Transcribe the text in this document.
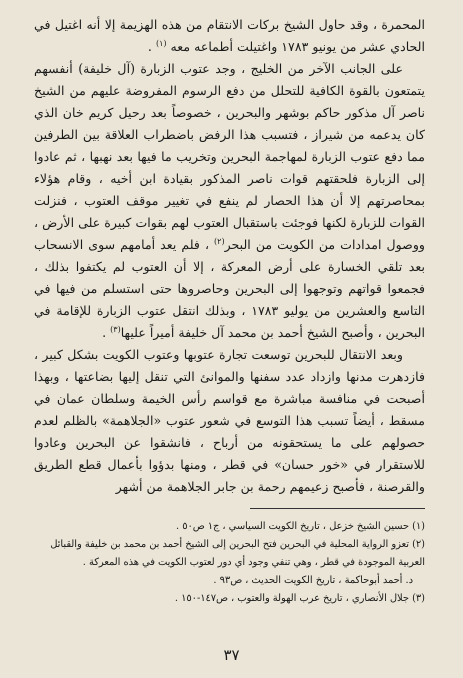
المحمرة ، وقد حاول الشيخ بركات الانتقام من هذه الهزيمة إلا أنه اغتيل في الحادي عشر من يونيو ١٧٨٣ واغتيلت أطماعه معه $^{(١)}$ .

على الجانب الآخر من الخليج ، وجد عتوب الزبارة (آل خليفة) أنفسهم يتمتعون بالقوة الكافية للتحلل من دفع الرسوم المفروضة عليهم من الشيخ ناصر آل مذكور حاكم بوشهر والبحرين ، خصوصاً بعد رحيل كريم خان الذي كان يدعمه من شيراز ، فتسبب هذا الرفض باضطراب العلاقة بين الطرفين مما دفع عتوب الزبارة لمهاجمة البحرين وتخريب ما فيها بعد نهبها ، ثم عادوا إلى الزبارة فلحقتهم قوات ناصر المذكور بقيادة ابن أخيه ، وقام هؤلاء بمحاصرتهم إلا أن هذا الحصار لم ينفع في تغيير موقف العتوب ، فنزلت القوات للزبارة لكنها فوجئت باستقبال العتوب لهم بقوات كبيرة على الأرض ، ووصول امدادات من الكويت من البحر$^{(٢)}$ ، فلم يعد أمامهم سوى الانسحاب بعد تلقي الخسارة على أرض المعركة ، إلا أن العتوب لم يكتفوا بذلك ، فجمعوا قواتهم وتوجهوا إلى البحرين وحاصروها حتى استسلم من فيها في التاسع والعشرين من يوليو ١٧٨٣ ، وبذلك انتقل عتوب الزبارة للإقامة في البحرين ، وأصبح الشيخ أحمد بن محمد آل خليفة أميراً عليها$^{(٣)}$ .

وبعد الانتقال للبحرين توسعت تجارة عتوبها وعتوب الكويت بشكل كبير ، فازدهرت مدنها وازداد عدد سفنها والموانئ التي تنقل إليها بضاعتها ، وبهذا أصبحت في منافسة مباشرة مع قواسم رأس الخيمة وسلطان عمان في مسقط ، أيضاً تسبب هذا التوسع في شعور عتوب «الجلاهمة» بالظلم لعدم حصولهم على ما يستحقونه من أرباح ، فانشقوا عن البحرين وعادوا للاستقرار في «خور حسان» في قطر ، ومنها بدؤوا بأعمال قطع الطريق والقرصنة ، فأصبح زعيمهم رحمة بن جابر الجلاهمة من أشهر

(١) حسين الشيخ خزعل ، تاريخ الكويت السياسي ، ج١ ص٥٠ .
(٢) تعزو الرواية المحلية في البحرين فتح البحرين إلى الشيخ أحمد بن محمد بن خليفة والقبائل العربية الموجودة في قطر ، وهي تنفي وجود أي دور لعتوب الكويت في هذه المعركة .
د. أحمد أبوحاكمة ، تاريخ الكويت الحديث ، ص٩٣ .
(٣) جلال الأنصاري ، تاريخ عرب الهولة والعتوب ، ص١٤٧-١٥٠ .
٣٧
